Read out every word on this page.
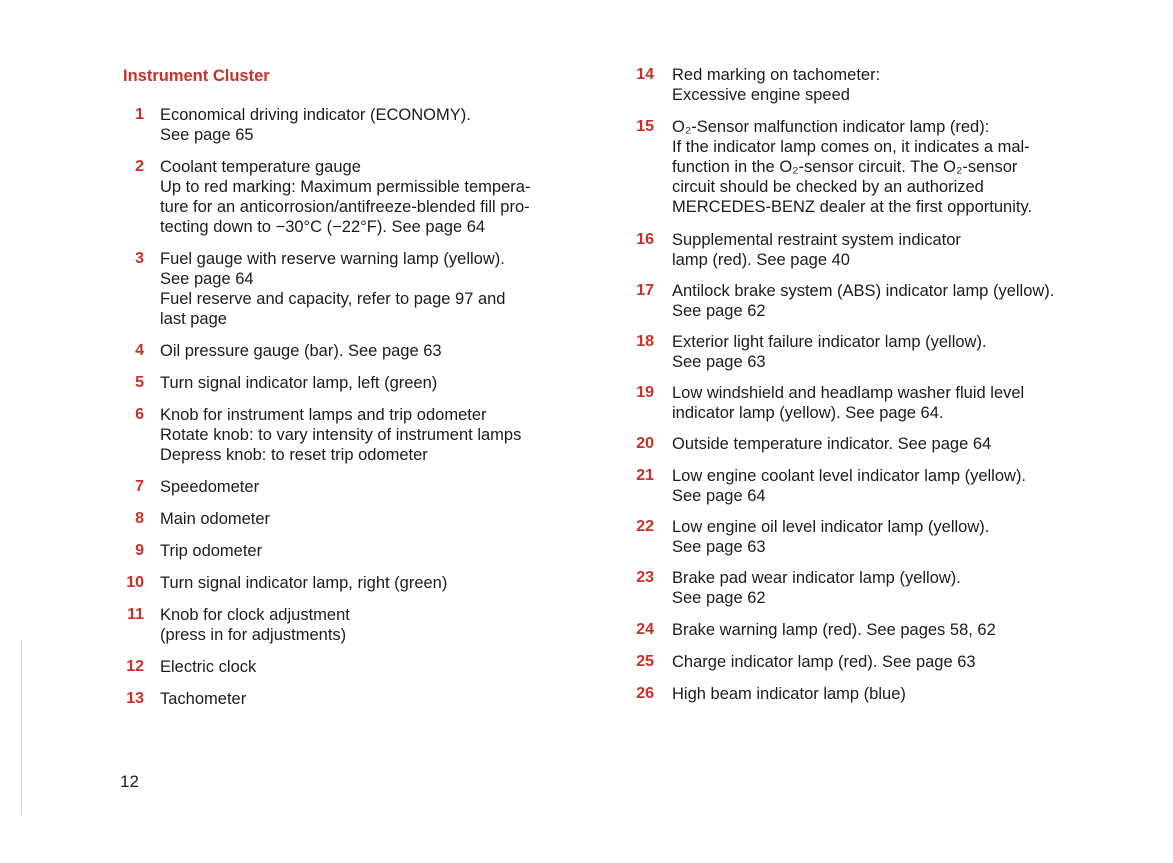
Instrument Cluster
1 Economical driving indicator (ECONOMY).
See page 65
2 Coolant temperature gauge
Up to red marking: Maximum permissible tempera-
ture for an anticorrosion/antifreeze-blended fill pro-
tecting down to −30°C (−22°F). See page 64
3 Fuel gauge with reserve warning lamp (yellow).
See page 64
Fuel reserve and capacity, refer to page 97 and
last page
4 Oil pressure gauge (bar). See page 63
5 Turn signal indicator lamp, left (green)
6 Knob for instrument lamps and trip odometer
Rotate knob: to vary intensity of instrument lamps
Depress knob: to reset trip odometer
7 Speedometer
8 Main odometer
9 Trip odometer
10 Turn signal indicator lamp, right (green)
11 Knob for clock adjustment
(press in for adjustments)
12 Electric clock
13 Tachometer
14	Red marking on tachometer:
Excessive engine speed
15	O₂-Sensor malfunction indicator lamp (red):
If the indicator lamp comes on, it indicates a mal-
function in the O₂-sensor circuit. The O₂-sensor
circuit should be checked by an authorized
MERCEDES-BENZ dealer at the first opportunity.
16	Supplemental restraint system indicator
lamp (red). See page 40
17	Antilock brake system (ABS) indicator lamp (yellow).
See page 62
18	Exterior light failure indicator lamp (yellow).
See page 63
19	Low windshield and headlamp washer fluid level
indicator lamp (yellow). See page 64.
20	Outside temperature indicator. See page 64
21	Low engine coolant level indicator lamp (yellow).
See page 64
22	Low engine oil level indicator lamp (yellow).
See page 63
23	Brake pad wear indicator lamp (yellow).
See page 62
24	Brake warning lamp (red). See pages 58, 62
25	Charge indicator lamp (red). See page 63
26	High beam indicator lamp (blue)

12
